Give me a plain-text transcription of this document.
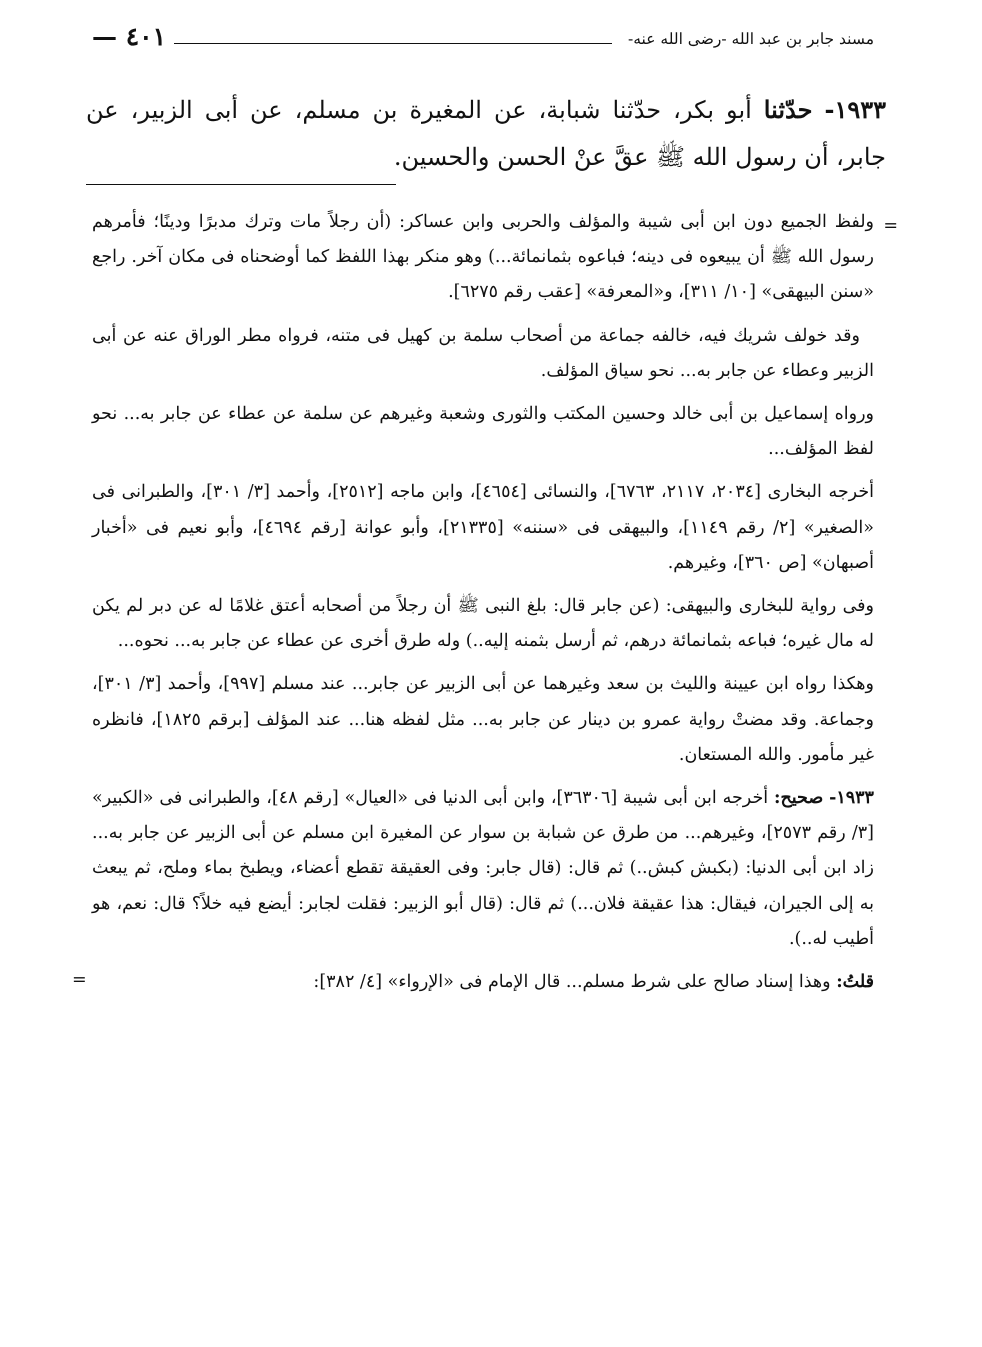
مسند جابر بن عبد الله -رضى الله عنه-
— ٤٠١
١٩٣٣- حدّثنا أبو بكر، حدّثنا شبابة، عن المغيرة بن مسلم، عن أبى الزبير، عن جابر، أن رسول الله ﷺ عقَّ عنْ الحسن والحسين.
=

ولفظ الجميع دون ابن أبى شيبة والمؤلف والحربى وابن عساكر: (أن رجلاً مات وترك مدبرًا ودينًا؛ فأمرهم رسول الله ﷺ أن يبيعوه فى دينه؛ فباعوه بثمانمائة...) وهو منكر بهذا اللفظ كما أوضحناه فى مكان آخر. راجع «سنن البيهقى» [١٠/ ٣١١]، و«المعرفة» [عقب رقم ٦٢٧٥].

وقد خولف شريك فيه، خالفه جماعة من أصحاب سلمة بن كهيل فى متنه، فرواه مطر الوراق عنه عن أبى الزبير وعطاء عن جابر به... نحو سياق المؤلف.

ورواه إسماعيل بن أبى خالد وحسين المكتب والثورى وشعبة وغيرهم عن سلمة عن عطاء عن جابر به... نحو لفظ المؤلف...

أخرجه البخارى [٢٠٣٤، ٢١١٧، ٦٧٦٣]، والنسائى [٤٦٥٤]، وابن ماجه [٢٥١٢]، وأحمد [٣/ ٣٠١]، والطبرانى فى «الصغير» [٢/ رقم ١١٤٩]، والبيهقى فى «سننه» [٢١٣٣٥]، وأبو عوانة [رقم ٤٦٩٤]، وأبو نعيم فى «أخبار أصبهان» [ص ٣٦٠]، وغيرهم.

وفى رواية للبخارى والبيهقى: (عن جابر قال: بلغ النبى ﷺ أن رجلاً من أصحابه أعتق غلامًا له عن دبر لم يكن له مال غيره؛ فباعه بثمانمائة درهم، ثم أرسل بثمنه إليه..) وله طرق أخرى عن عطاء عن جابر به... نحوه...

وهكذا رواه ابن عيينة والليث بن سعد وغيرهما عن أبى الزبير عن جابر... عند مسلم [٩٩٧]، وأحمد [٣/ ٣٠١]، وجماعة. وقد مضتْ رواية عمرو بن دينار عن جابر به... مثل لفظه هنا... عند المؤلف [برقم ١٨٢٥]، فانظره غير مأمور. والله المستعان.

١٩٣٣- صحيح: أخرجه ابن أبى شيبة [٣٦٣٠٦]، وابن أبى الدنيا فى «العيال» [رقم ٤٨]، والطبرانى فى «الكبير» [٣/ رقم ٢٥٧٣]، وغيرهم... من طرق عن شبابة بن سوار عن المغيرة ابن مسلم عن أبى الزبير عن جابر به... زاد ابن أبى الدنيا: (بكبش كبش..) ثم قال: (قال جابر: وفى العقيقة تقطع أعضاء، ويطبخ بماء وملح، ثم يبعث به إلى الجيران، فيقال: هذا عقيقة فلان...) ثم قال: (قال أبو الزبير: فقلت لجابر: أيضع فيه خلاً؟ قال: نعم، هو أطيب له..).

قلتُ: وهذا إسناد صالح على شرط مسلم... قال الإمام فى «الإرواء» [٤/ ٣٨٢]:
=
